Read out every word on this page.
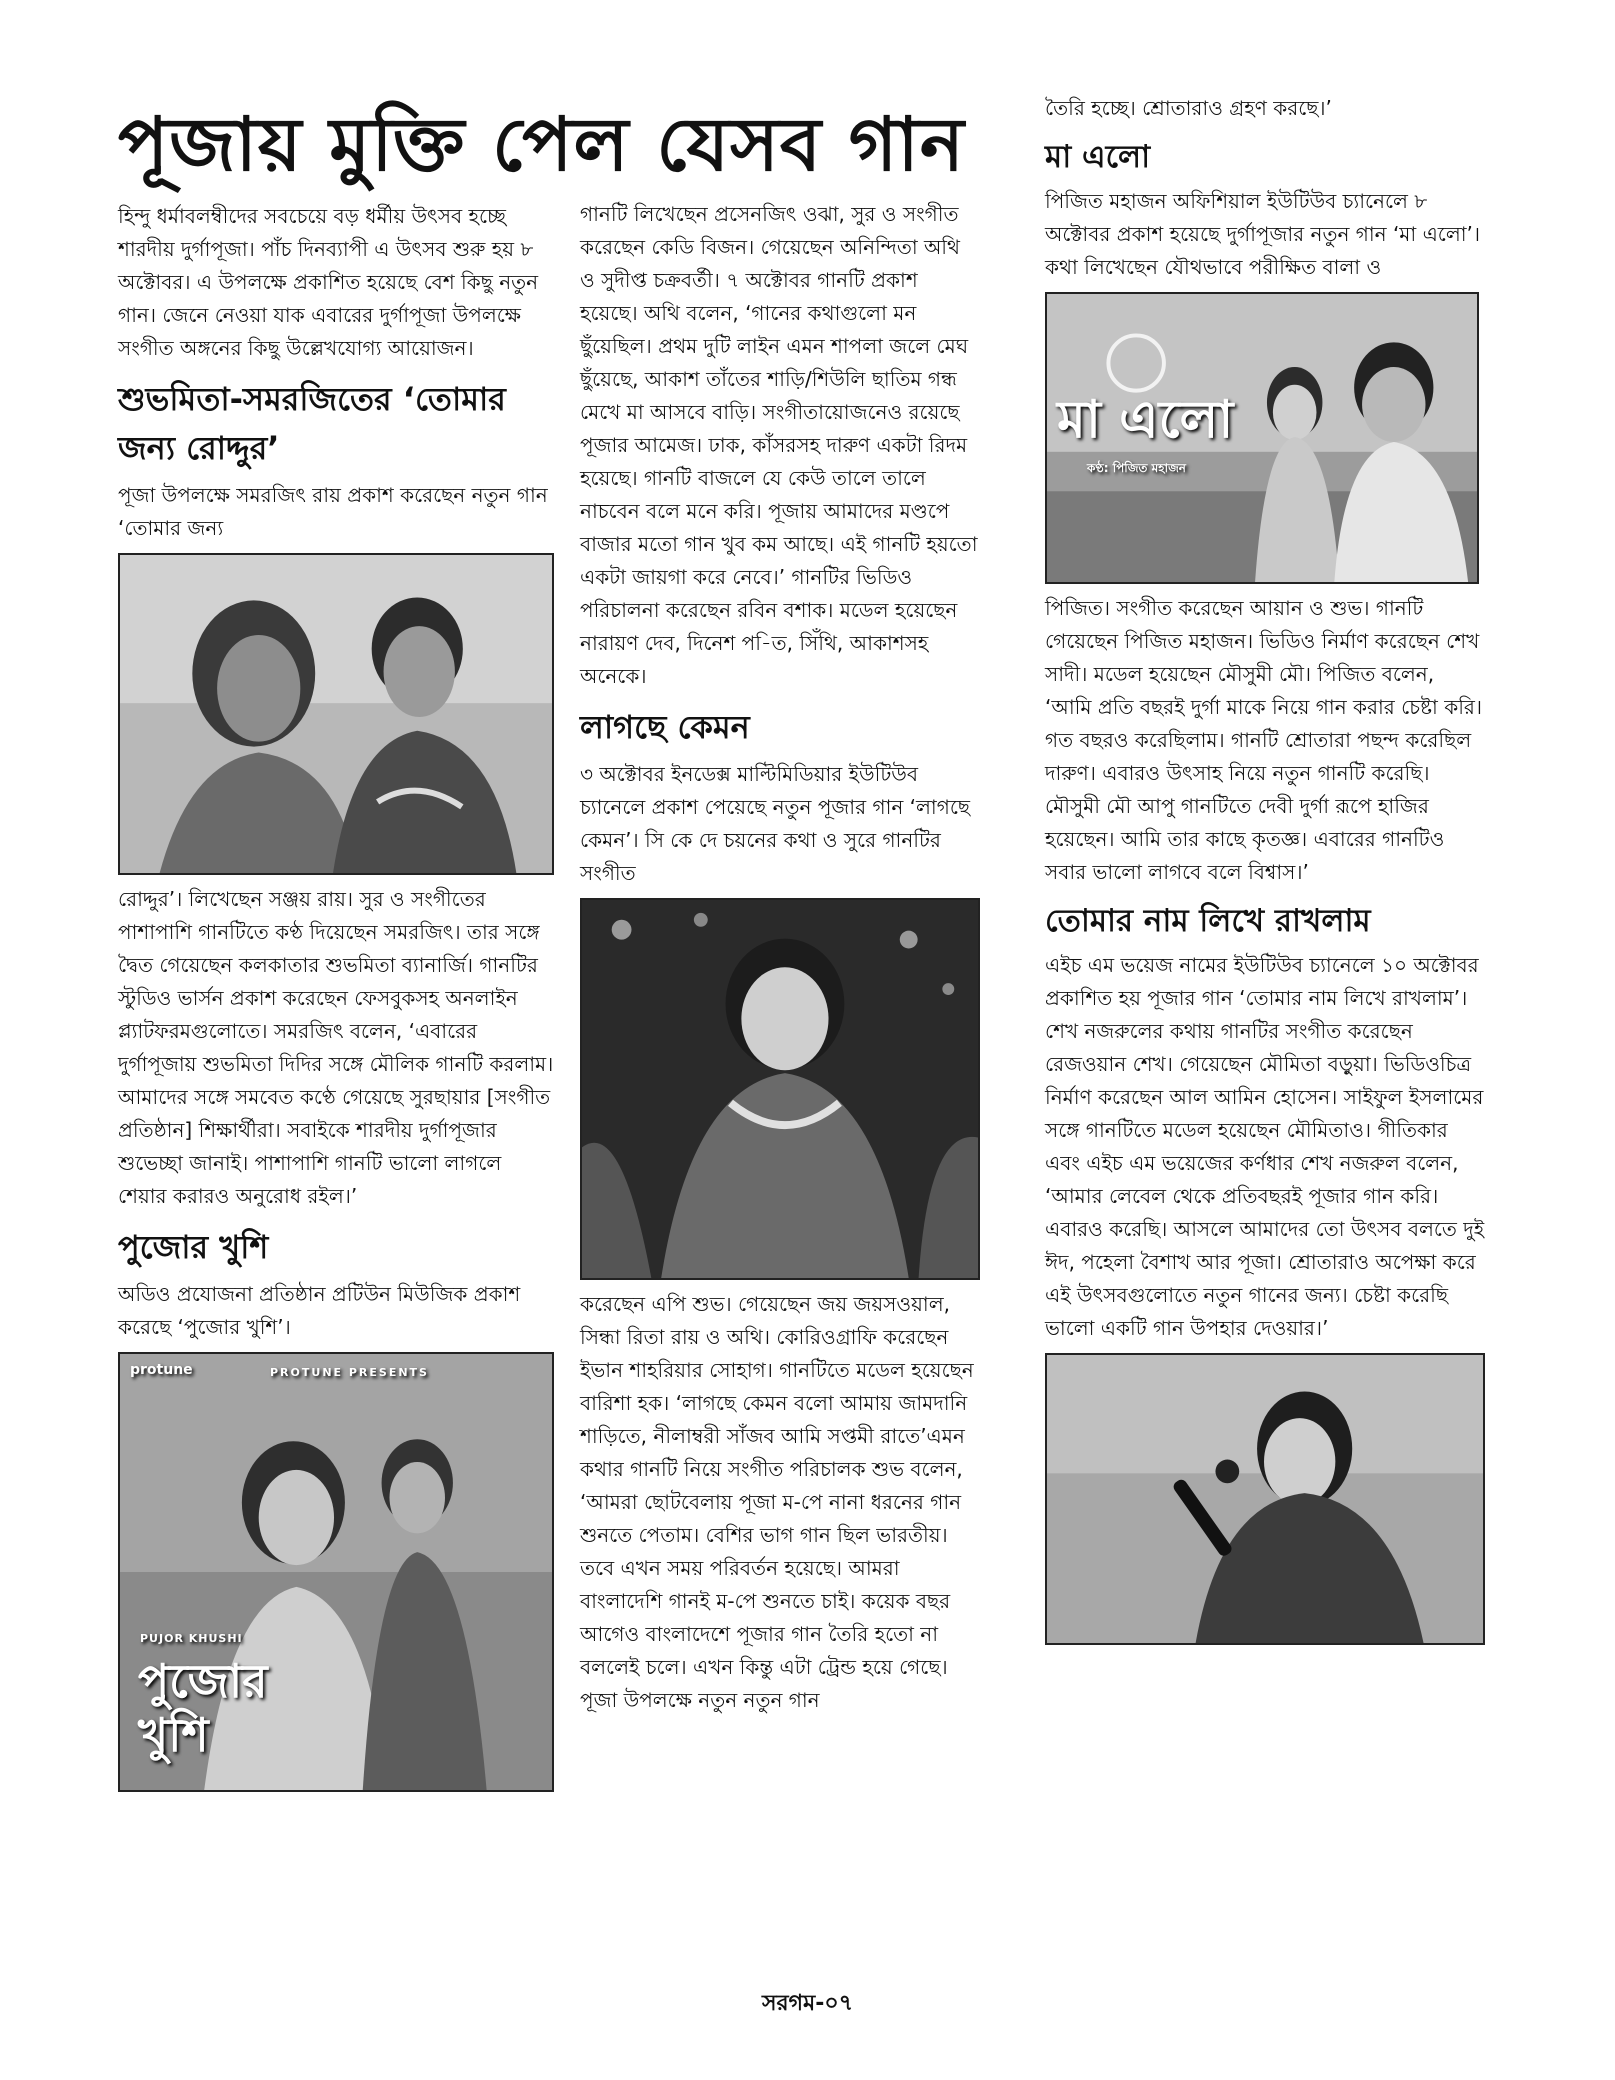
পূজায় মুক্তি পেল যেসব গান

হিন্দু ধর্মাবলম্বীদের সবচেয়ে বড় ধর্মীয় উৎসব হচ্ছে শারদীয় দুর্গাপূজা। পাঁচ দিনব্যাপী এ উৎসব শুরু হয় ৮ অক্টোবর। এ উপলক্ষে প্রকাশিত হয়েছে বেশ কিছু নতুন গান। জেনে নেওয়া যাক এবারের দুর্গাপূজা উপলক্ষে সংগীত অঙ্গনের কিছু উল্লেখযোগ্য আয়োজন।

শুভমিতা-সমরজিতের ‘তোমার জন্য রোদ্দুর’

পূজা উপলক্ষে সমরজিৎ রায় প্রকাশ করেছেন নতুন গান ‘তোমার জন্য

রোদ্দুর’। লিখেছেন সঞ্জয় রায়। সুর ও সংগীতের পাশাপাশি গানটিতে কণ্ঠ দিয়েছেন সমরজিৎ। তার সঙ্গে দ্বৈত গেয়েছেন কলকাতার শুভমিতা ব্যানার্জি। গানটির স্টুডিও ভার্সন প্রকাশ করেছেন ফেসবুকসহ অনলাইন প্ল্যাটফরমগুলোতে। সমরজিৎ বলেন, ‘এবারের দুর্গাপূজায় শুভমিতা দিদির সঙ্গে মৌলিক গানটি করলাম। আমাদের সঙ্গে সমবেত কণ্ঠে গেয়েছে সুরছায়ার [সংগীত প্রতিষ্ঠান] শিক্ষার্থীরা। সবাইকে শারদীয় দুর্গাপূজার শুভেচ্ছা জানাই। পাশাপাশি গানটি ভালো লাগলে শেয়ার করারও অনুরোধ রইল।’

পুজোর খুশি

অডিও প্রযোজনা প্রতিষ্ঠান প্রটিউন মিউজিক প্রকাশ করেছে ‘পুজোর খুশি’।

protune	PROTUNE PRESENTS
PUJOR KHUSHI
পুজোর খুশি

গানটি লিখেছেন প্রসেনজিৎ ওঝা, সুর ও সংগীত করেছেন কেডি বিজন। গেয়েছেন অনিন্দিতা অথি ও সুদীপ্ত চক্রবর্তী। ৭ অক্টোবর গানটি প্রকাশ হয়েছে। অথি বলেন, ‘গানের কথাগুলো মন ছুঁয়েছিল। প্রথম দুটি লাইন এমন শাপলা জলে মেঘ ছুঁয়েছে, আকাশ তাঁতের শাড়ি/শিউলি ছাতিম গন্ধ মেখে মা আসবে বাড়ি। সংগীতায়োজনেও রয়েছে পূজার আমেজ। ঢাক, কাঁসরসহ দারুণ একটা রিদম হয়েছে। গানটি বাজলে যে কেউ তালে তালে নাচবেন বলে মনে করি। পূজায় আমাদের মণ্ডপে বাজার মতো গান খুব কম আছে। এই গানটি হয়তো একটা জায়গা করে নেবে।’ গানটির ভিডিও পরিচালনা করেছেন রবিন বশাক। মডেল হয়েছেন নারায়ণ দেব, দিনেশ প-িত, সিঁথি, আকাশসহ অনেকে।

লাগছে কেমন

৩ অক্টোবর ইনডেক্স মাল্টিমিডিয়ার ইউটিউব চ্যানেলে প্রকাশ পেয়েছে নতুন পূজার গান ‘লাগছে কেমন’। সি কে দে চয়নের কথা ও সুরে গানটির সংগীত

করেছেন এপি শুভ। গেয়েছেন জয় জয়সওয়াল, সিন্ধা রিতা রায় ও অথি। কোরিওগ্রাফি করেছেন ইভান শাহরিয়ার সোহাগ। গানটিতে মডেল হয়েছেন বারিশা হক। ‘লাগছে কেমন বলো আমায় জামদানি শাড়িতে, নীলাম্বরী সাঁজব আমি সপ্তমী রাতে’এমন কথার গানটি নিয়ে সংগীত পরিচালক শুভ বলেন, ‘আমরা ছোটবেলায় পূজা ম-পে নানা ধরনের গান শুনতে পেতাম। বেশির ভাগ গান ছিল ভারতীয়। তবে এখন সময় পরিবর্তন হয়েছে। আমরা বাংলাদেশি গানই ম-পে শুনতে চাই। কয়েক বছর আগেও বাংলাদেশে পূজার গান তৈরি হতো না বললেই চলে। এখন কিন্তু এটা ট্রেন্ড হয়ে গেছে। পূজা উপলক্ষে নতুন নতুন গান

তৈরি হচ্ছে। শ্রোতারাও গ্রহণ করছে।’

মা এলো

পিজিত মহাজন অফিশিয়াল ইউটিউব চ্যানেলে ৮ অক্টোবর প্রকাশ হয়েছে দুর্গাপূজার নতুন গান ‘মা এলো’। কথা লিখেছেন যৌথভাবে পরীক্ষিত বালা ও

মা এলো
কণ্ঠ: পিজিত মহাজন

পিজিত। সংগীত করেছেন আয়ান ও শুভ। গানটি গেয়েছেন পিজিত মহাজন। ভিডিও নির্মাণ করেছেন শেখ সাদী। মডেল হয়েছেন মৌসুমী মৌ। পিজিত বলেন, ‘আমি প্রতি বছরই দুর্গা মাকে নিয়ে গান করার চেষ্টা করি। গত বছরও করেছিলাম। গানটি শ্রোতারা পছন্দ করেছিল দারুণ। এবারও উৎসাহ নিয়ে নতুন গানটি করেছি। মৌসুমী মৌ আপু গানটিতে দেবী দুর্গা রূপে হাজির হয়েছেন। আমি তার কাছে কৃতজ্ঞ। এবারের গানটিও সবার ভালো লাগবে বলে বিশ্বাস।’

তোমার নাম লিখে রাখলাম

এইচ এম ভয়েজ নামের ইউটিউব চ্যানেলে ১০ অক্টোবর প্রকাশিত হয় পূজার গান ‘তোমার নাম লিখে রাখলাম’। শেখ নজরুলের কথায় গানটির সংগীত করেছেন রেজওয়ান শেখ। গেয়েছেন মৌমিতা বড়ুয়া। ভিডিওচিত্র নির্মাণ করেছেন আল আমিন হোসেন। সাইফুল ইসলামের সঙ্গে গানটিতে মডেল হয়েছেন মৌমিতাও। গীতিকার এবং এইচ এম ভয়েজের কর্ণধার শেখ নজরুল বলেন, ‘আমার লেবেল থেকে প্রতিবছরই পূজার গান করি। এবারও করেছি। আসলে আমাদের তো উৎসব বলতে দুই ঈদ, পহেলা বৈশাখ আর পূজা। শ্রোতারাও অপেক্ষা করে এই উৎসবগুলোতে নতুন গানের জন্য। চেষ্টা করেছি ভালো একটি গান উপহার দেওয়ার।’

সরগম-০৭
